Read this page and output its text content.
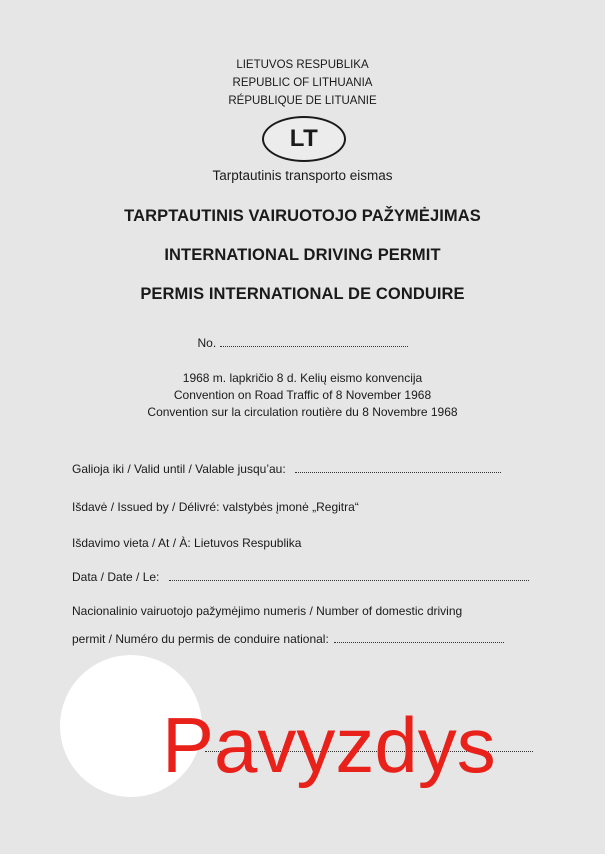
LIETUVOS RESPUBLIKA
REPUBLIC OF LITHUANIA
RÉPUBLIQUE DE LITUANIE
LT
Tarptautinis transporto eismas
TARPTAUTINIS VAIRUOTOJO PAŽYMĖJIMAS
INTERNATIONAL DRIVING PERMIT
PERMIS INTERNATIONAL DE CONDUIRE
No.
1968 m. lapkričio 8 d. Kelių eismo konvencija
Convention on Road Traffic of 8 November 1968
Convention sur la circulation routière du 8 Novembre 1968
Galioja iki / Valid until / Valable jusqu’au:
Išdavė / Issued by / Délivré: valstybės įmonė „Regitra“
Išdavimo vieta / At / À: Lietuvos Respublika
Data / Date / Le:
Nacionalinio vairuotojo pažymėjimo numeris / Number of domestic driving
permit / Numéro du permis de conduire national:
Pavyzdys
